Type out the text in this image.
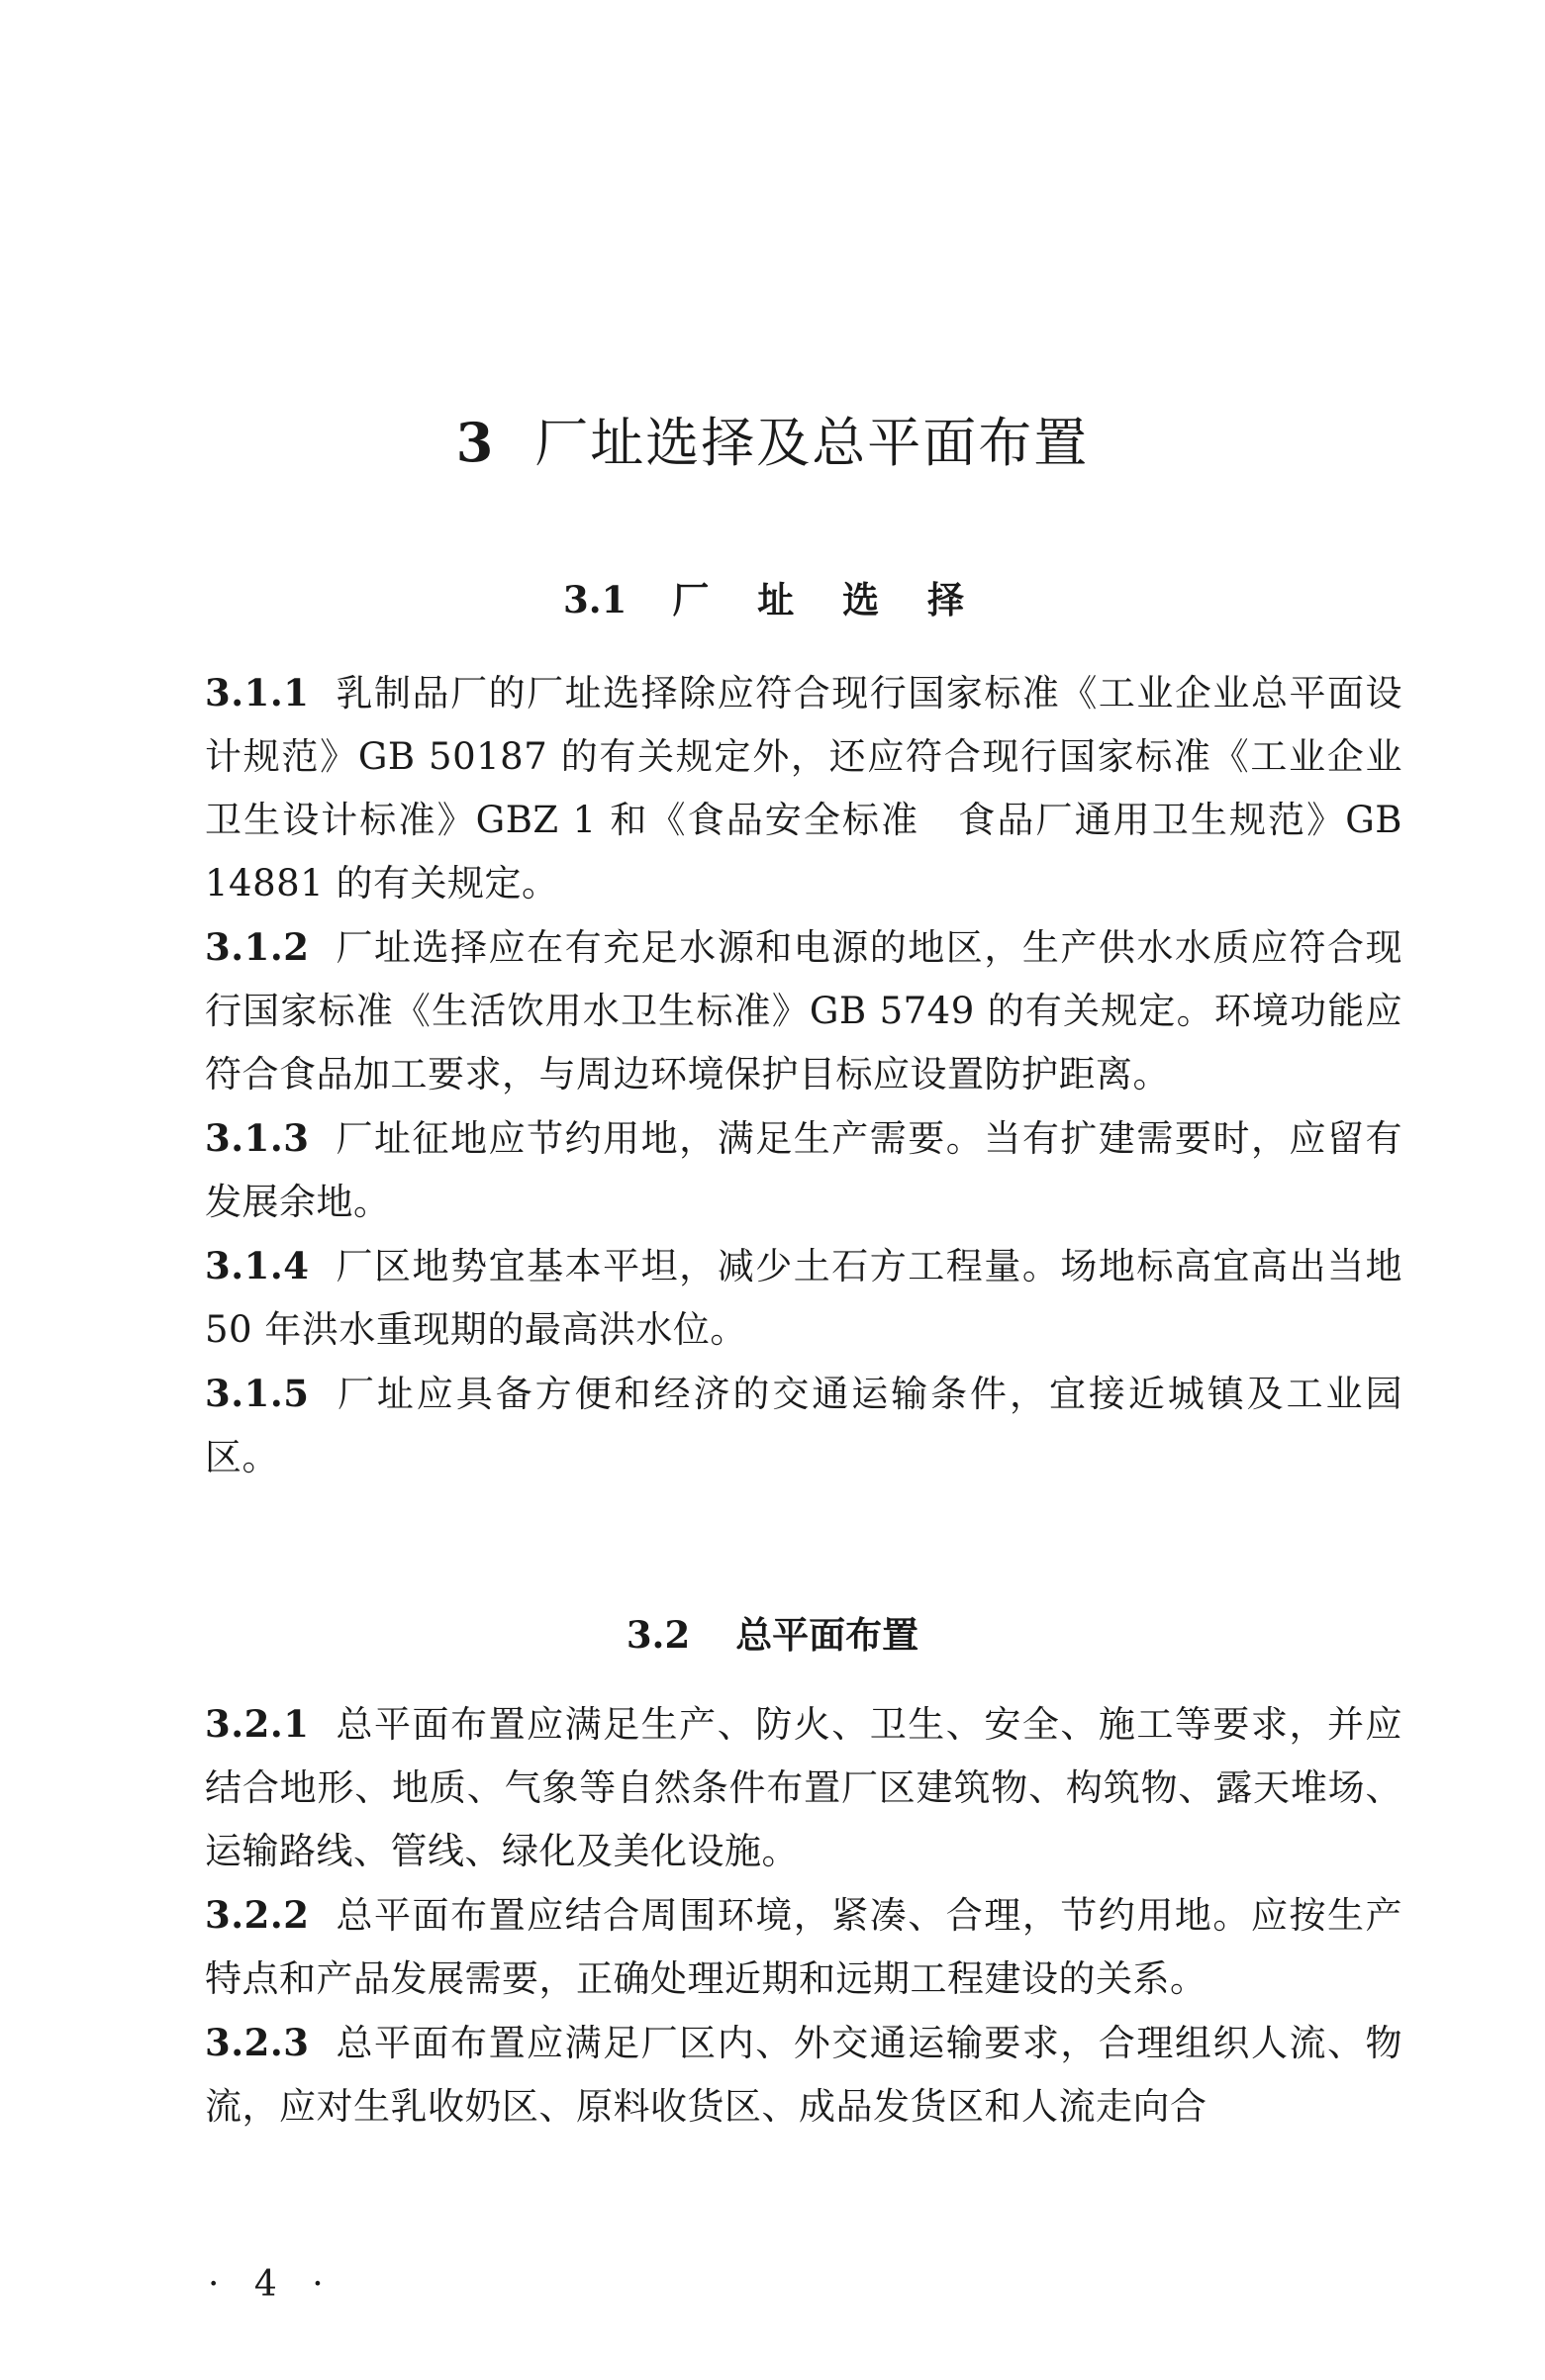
3 厂址选择及总平面布置
3.1 厂 址 选 择

3.1.1 乳制品厂的厂址选择除应符合现行国家标准《工业企业总平面设计规范》GB 50187 的有关规定外，还应符合现行国家标准《工业企业卫生设计标准》GBZ 1 和《食品安全标准　食品厂通用卫生规范》GB 14881 的有关规定。

3.1.2 厂址选择应在有充足水源和电源的地区，生产供水水质应符合现行国家标准《生活饮用水卫生标准》GB 5749 的有关规定。环境功能应符合食品加工要求，与周边环境保护目标应设置防护距离。

3.1.3 厂址征地应节约用地，满足生产需要。当有扩建需要时，应留有发展余地。

3.1.4 厂区地势宜基本平坦，减少土石方工程量。场地标高宜高出当地 50 年洪水重现期的最高洪水位。

3.1.5 厂址应具备方便和经济的交通运输条件，宜接近城镇及工业园区。

3.2 总平面布置

3.2.1 总平面布置应满足生产、防火、卫生、安全、施工等要求，并应结合地形、地质、气象等自然条件布置厂区建筑物、构筑物、露天堆场、运输路线、管线、绿化及美化设施。

3.2.2 总平面布置应结合周围环境，紧凑、合理，节约用地。应按生产特点和产品发展需要，正确处理近期和远期工程建设的关系。

3.2.3 总平面布置应满足厂区内、外交通运输要求，合理组织人流、物流，应对生乳收奶区、原料收货区、成品发货区和人流走向合

· 4 ·
